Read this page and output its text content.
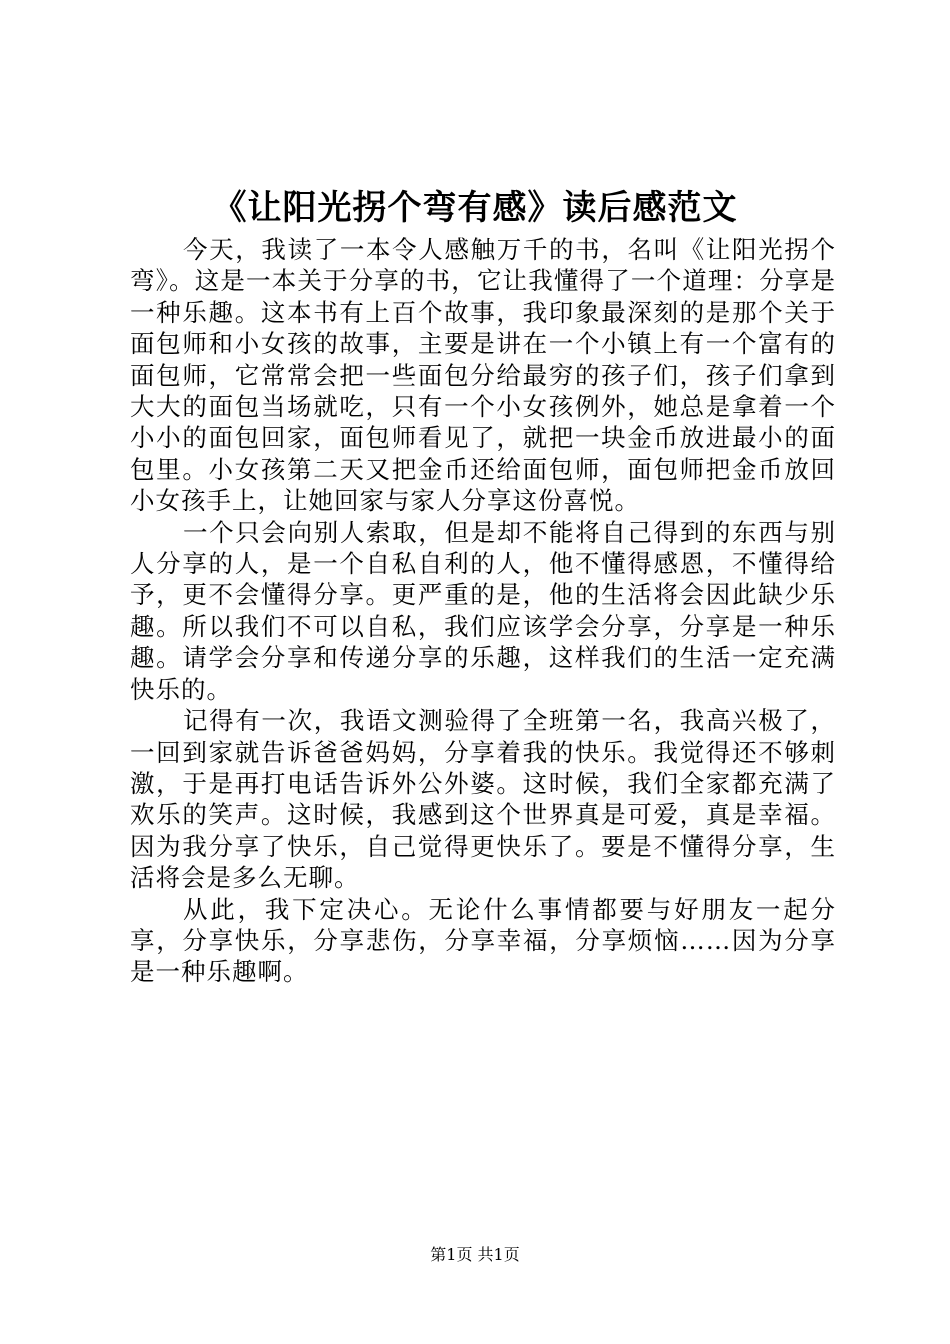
《让阳光拐个弯有感》读后感范文

今天，我读了一本令人感触万千的书，名叫《让阳光拐个弯》。这是一本关于分享的书，它让我懂得了一个道理：分享是一种乐趣。这本书有上百个故事，我印象最深刻的是那个关于面包师和小女孩的故事，主要是讲在一个小镇上有一个富有的面包师，它常常会把一些面包分给最穷的孩子们，孩子们拿到大大的面包当场就吃，只有一个小女孩例外，她总是拿着一个小小的面包回家，面包师看见了，就把一块金币放进最小的面包里。小女孩第二天又把金币还给面包师，面包师把金币放回小女孩手上，让她回家与家人分享这份喜悦。

一个只会向别人索取，但是却不能将自己得到的东西与别人分享的人，是一个自私自利的人，他不懂得感恩，不懂得给予，更不会懂得分享。更严重的是，他的生活将会因此缺少乐趣。所以我们不可以自私，我们应该学会分享，分享是一种乐趣。请学会分享和传递分享的乐趣，这样我们的生活一定充满快乐的。

记得有一次，我语文测验得了全班第一名，我高兴极了，一回到家就告诉爸爸妈妈，分享着我的快乐。我觉得还不够刺激，于是再打电话告诉外公外婆。这时候，我们全家都充满了欢乐的笑声。这时候，我感到这个世界真是可爱，真是幸福。因为我分享了快乐，自己觉得更快乐了。要是不懂得分享，生活将会是多么无聊。

从此，我下定决心。无论什么事情都要与好朋友一起分享，分享快乐，分享悲伤，分享幸福，分享烦恼……因为分享是一种乐趣啊。

第1页 共1页
